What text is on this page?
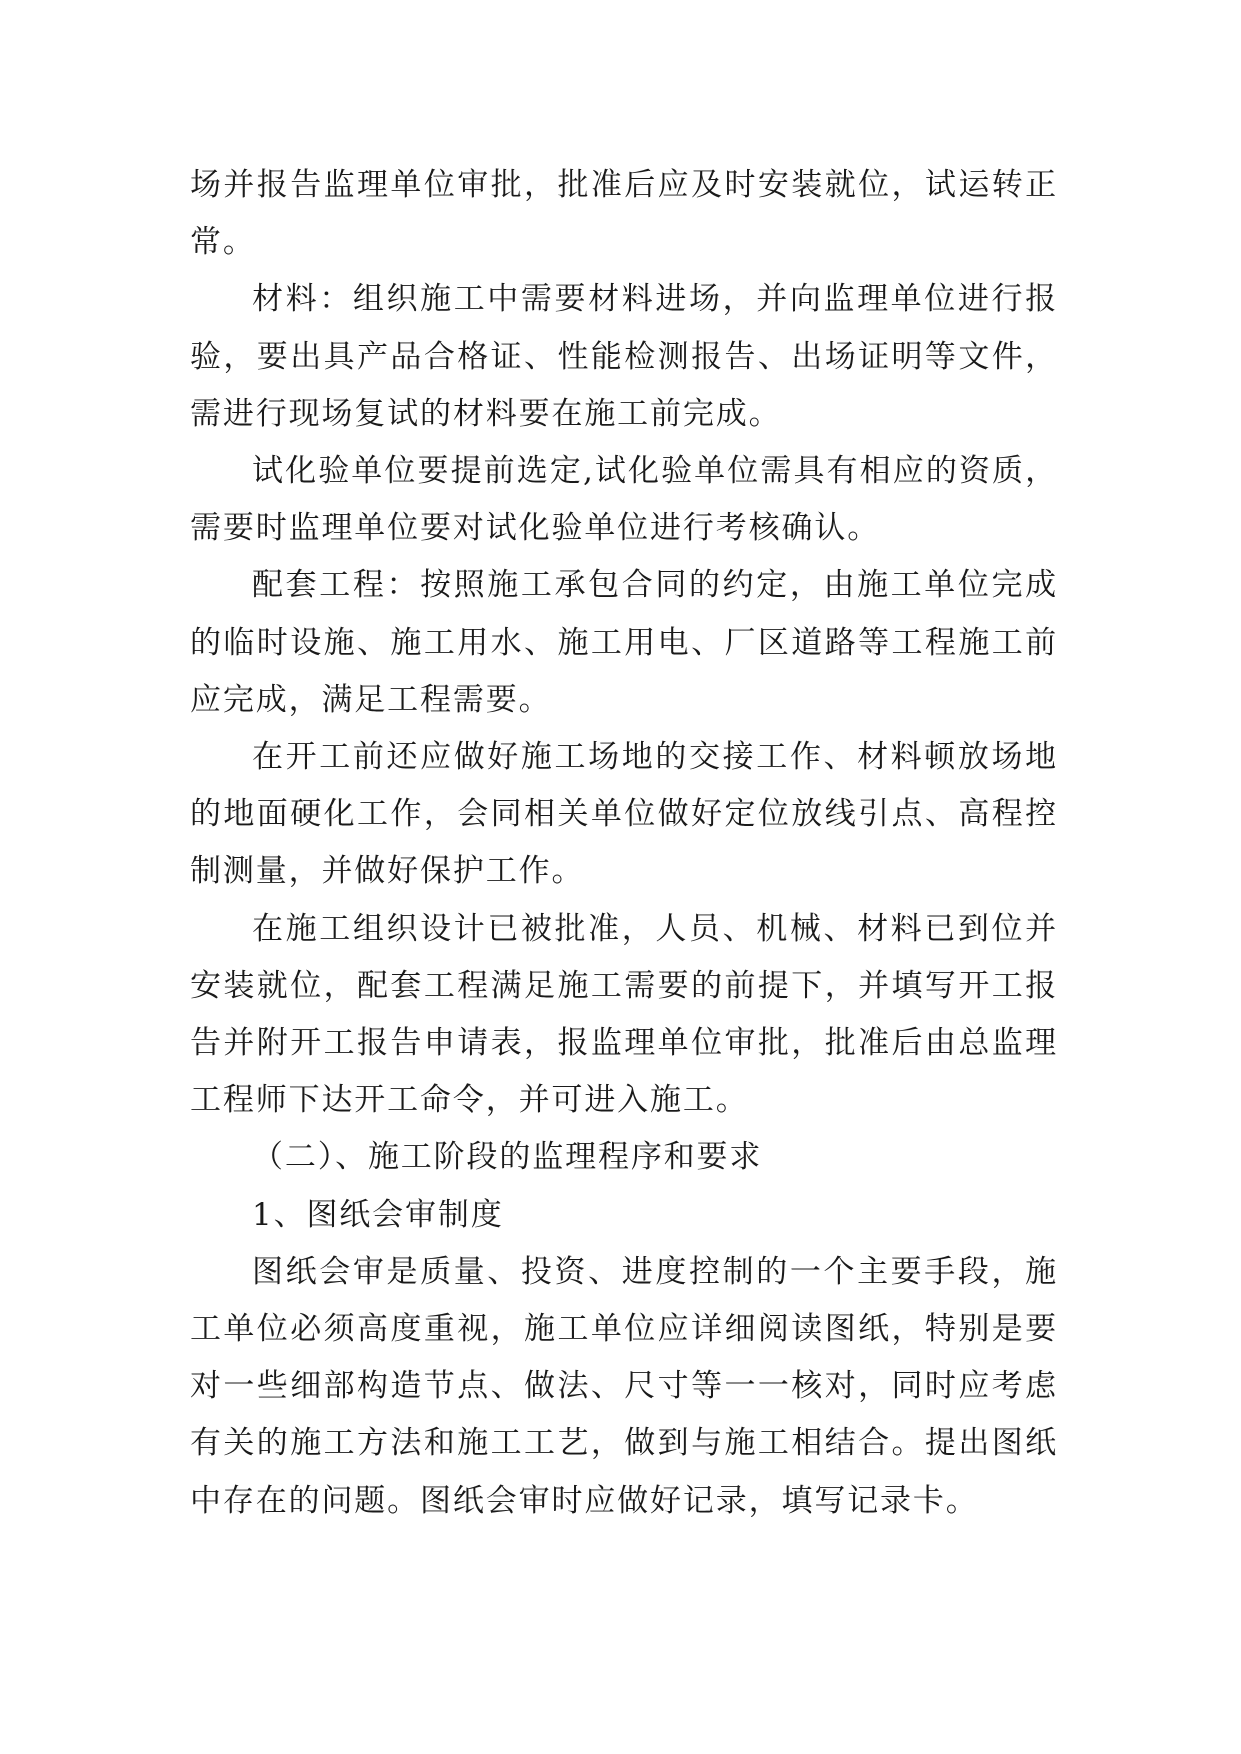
场并报告监理单位审批，批准后应及时安装就位，试运转正常。

材料：组织施工中需要材料进场，并向监理单位进行报验，要出具产品合格证、性能检测报告、出场证明等文件，需进行现场复试的材料要在施工前完成。

试化验单位要提前选定,试化验单位需具有相应的资质，需要时监理单位要对试化验单位进行考核确认。

配套工程：按照施工承包合同的约定，由施工单位完成的临时设施、施工用水、施工用电、厂区道路等工程施工前应完成，满足工程需要。

在开工前还应做好施工场地的交接工作、材料顿放场地的地面硬化工作，会同相关单位做好定位放线引点、高程控制测量，并做好保护工作。

在施工组织设计已被批准，人员、机械、材料已到位并安装就位，配套工程满足施工需要的前提下，并填写开工报告并附开工报告申请表，报监理单位审批，批准后由总监理工程师下达开工命令，并可进入施工。

（二）、施工阶段的监理程序和要求

1、图纸会审制度

图纸会审是质量、投资、进度控制的一个主要手段，施工单位必须高度重视，施工单位应详细阅读图纸，特别是要对一些细部构造节点、做法、尺寸等一一核对，同时应考虑有关的施工方法和施工工艺，做到与施工相结合。提出图纸中存在的问题。图纸会审时应做好记录，填写记录卡。
